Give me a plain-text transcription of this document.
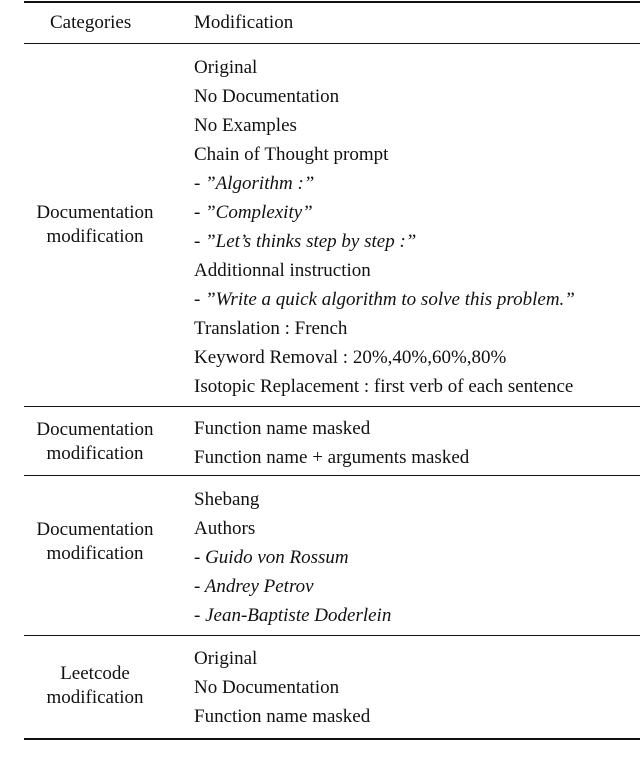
Categories	Modification
Documentation
modification
Original
No Documentation
No Examples
Chain of Thought prompt
- ”Algorithm :”
- ”Complexity”
- ”Let’s thinks step by step :”
Additionnal instruction
- ”Write a quick algorithm to solve this problem.”
Translation : French
Keyword Removal : 20%,40%,60%,80%
Isotopic Replacement : first verb of each sentence
Documentation
modification
Function name masked
Function name + arguments masked
Documentation
modification
Shebang
Authors
- Guido von Rossum
- Andrey Petrov
- Jean-Baptiste Doderlein
Leetcode
modification
Original
No Documentation
Function name masked
